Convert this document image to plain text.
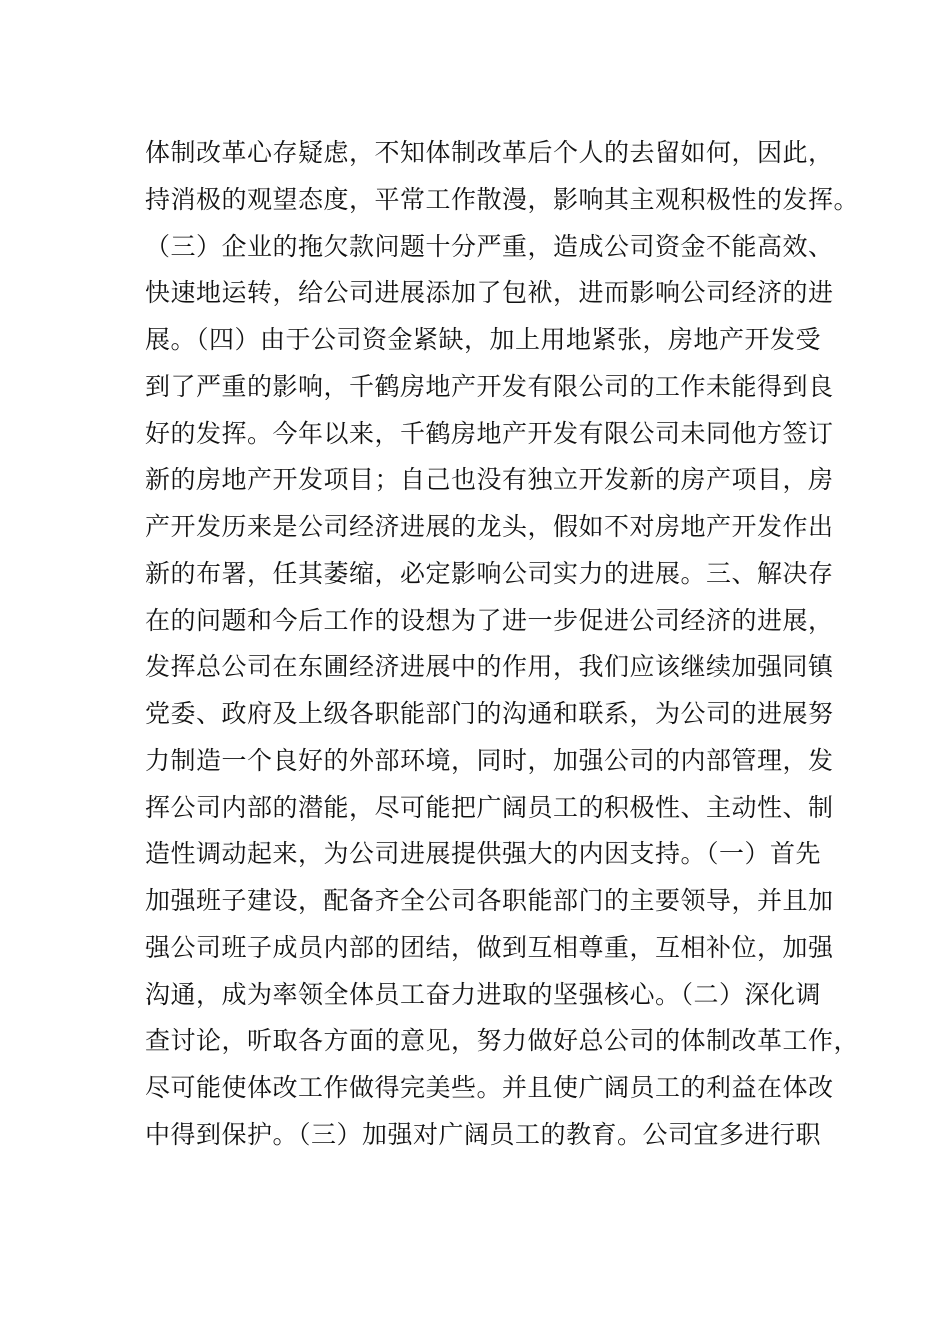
体制改革心存疑虑，不知体制改革后个人的去留如何，因此，
持消极的观望态度，平常工作散漫，影响其主观积极性的发挥。
（三）企业的拖欠款问题十分严重，造成公司资金不能高效、
快速地运转，给公司进展添加了包袱，进而影响公司经济的进
展。（四）由于公司资金紧缺，加上用地紧张，房地产开发受
到了严重的影响，千鹤房地产开发有限公司的工作未能得到良
好的发挥。今年以来，千鹤房地产开发有限公司未同他方签订
新的房地产开发项目；自己也没有独立开发新的房产项目，房
产开发历来是公司经济进展的龙头，假如不对房地产开发作出
新的布署，任其萎缩，必定影响公司实力的进展。三、解决存
在的问题和今后工作的设想为了进一步促进公司经济的进展，
发挥总公司在东圃经济进展中的作用，我们应该继续加强同镇
党委、政府及上级各职能部门的沟通和联系，为公司的进展努
力制造一个良好的外部环境，同时，加强公司的内部管理，发
挥公司内部的潜能，尽可能把广阔员工的积极性、主动性、制
造性调动起来，为公司进展提供强大的内因支持。（一）首先
加强班子建设，配备齐全公司各职能部门的主要领导，并且加
强公司班子成员内部的团结，做到互相尊重，互相补位，加强
沟通，成为率领全体员工奋力进取的坚强核心。（二）深化调
查讨论，听取各方面的意见，努力做好总公司的体制改革工作，
尽可能使体改工作做得完美些。并且使广阔员工的利益在体改
中得到保护。（三）加强对广阔员工的教育。公司宜多进行职
